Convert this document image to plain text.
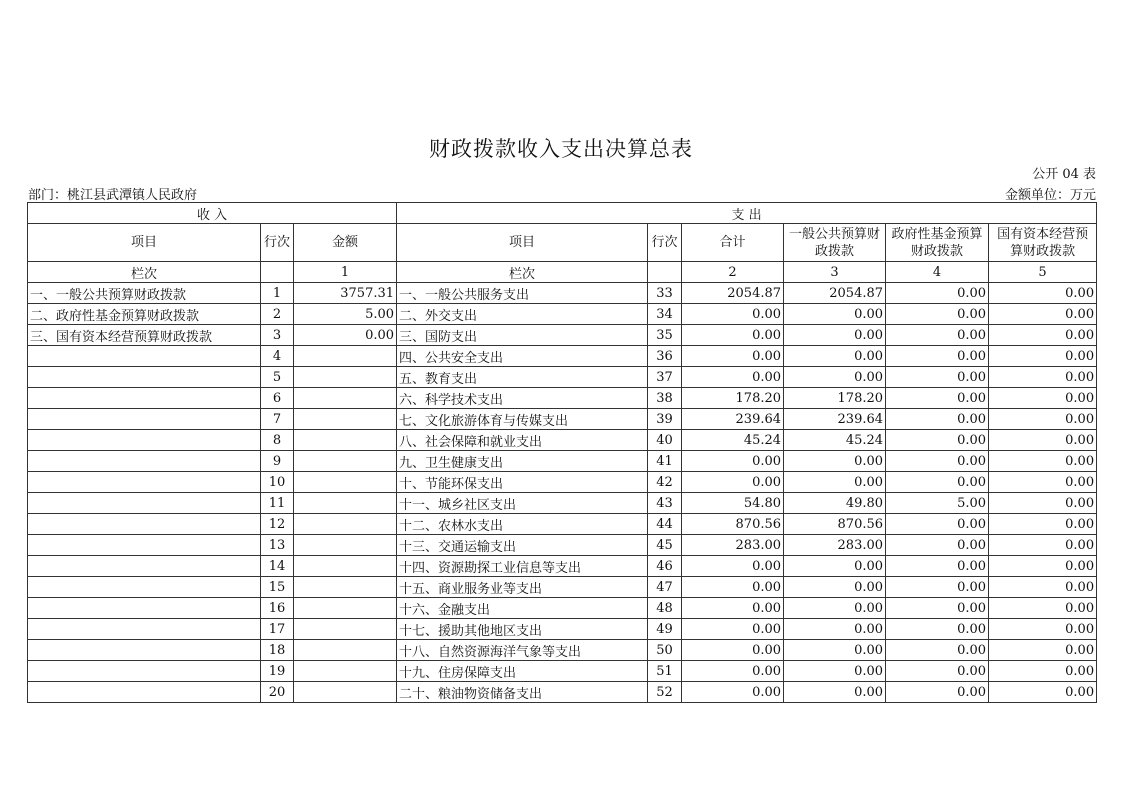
财政拨款收入支出决算总表
公开 04 表
部门：桃江县武潭镇人民政府	金额单位：万元
收 入			支 出					
项目	行次	金额	项目	行次	合计	一般公共预算财政拨款	政府性基金预算财政拨款	国有资本经营预算财政拨款
栏次		1	栏次		2	3	4	5
一、一般公共预算财政拨款	1	3757.31	一、一般公共服务支出	33	2054.87	2054.87	0.00	0.00
二、政府性基金预算财政拨款	2	5.00	二、外交支出	34	0.00	0.00	0.00	0.00
三、国有资本经营预算财政拨款	3	0.00	三、国防支出	35	0.00	0.00	0.00	0.00
	4		四、公共安全支出	36	0.00	0.00	0.00	0.00
	5		五、教育支出	37	0.00	0.00	0.00	0.00
	6		六、科学技术支出	38	178.20	178.20	0.00	0.00
	7		七、文化旅游体育与传媒支出	39	239.64	239.64	0.00	0.00
	8		八、社会保障和就业支出	40	45.24	45.24	0.00	0.00
	9		九、卫生健康支出	41	0.00	0.00	0.00	0.00
	10		十、节能环保支出	42	0.00	0.00	0.00	0.00
	11		十一、城乡社区支出	43	54.80	49.80	5.00	0.00
	12		十二、农林水支出	44	870.56	870.56	0.00	0.00
	13		十三、交通运输支出	45	283.00	283.00	0.00	0.00
	14		十四、资源勘探工业信息等支出	46	0.00	0.00	0.00	0.00
	15		十五、商业服务业等支出	47	0.00	0.00	0.00	0.00
	16		十六、金融支出	48	0.00	0.00	0.00	0.00
	17		十七、援助其他地区支出	49	0.00	0.00	0.00	0.00
	18		十八、自然资源海洋气象等支出	50	0.00	0.00	0.00	0.00
	19		十九、住房保障支出	51	0.00	0.00	0.00	0.00
	20		二十、粮油物资储备支出	52	0.00	0.00	0.00	0.00
